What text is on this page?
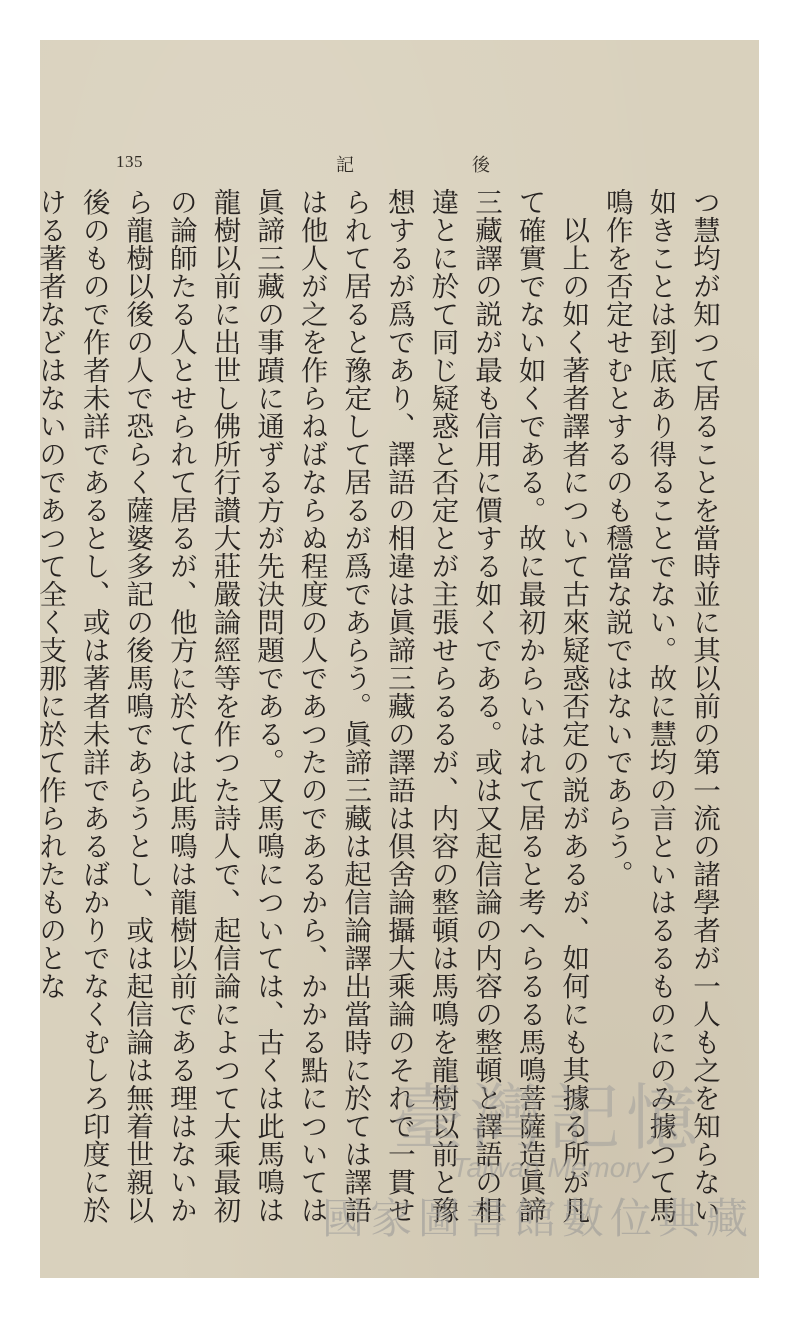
135	後
記

つ慧均が知つて居ることを當時並に其以前の第一流の諸學者が一人も之を知らない如きことは到底あり得ることでない。故に慧均の言といはるるものにのみ據つて馬鳴作を否定せむとするのも穩當な説ではないであらう。

以上の如く著者譯者について古來疑惑否定の説があるが、如何にも其據る所が凡て確實でない如くである。故に最初からいはれて居ると考へらるる馬鳴菩薩造眞諦三藏譯の説が最も信用に價する如くである。或は又起信論の内容の整頓と譯語の相違とに於て同じ疑惑と否定とが主張せらるるが、内容の整頓は馬鳴を龍樹以前と豫想するが爲であり、譯語の相違は眞諦三藏の譯語は倶舍論攝大乘論のそれで一貫せられて居ると豫定して居るが爲であらう。眞諦三藏は起信論譯出當時に於ては譯語は他人が之を作らねばならぬ程度の人であつたのであるから、かかる點については眞諦三藏の事蹟に通ずる方が先決問題である。又馬鳴については、古くは此馬鳴は龍樹以前に出世し佛所行讃大莊嚴論經等を作つた詩人で、起信論によつて大乘最初の論師たる人とせられて居るが、他方に於ては此馬鳴は龍樹以前である理はないから龍樹以後の人で恐らく薩婆多記の後馬鳴であらうとし、或は起信論は無着世親以後のもので作者未詳であるとし、或は著者未詳であるばかりでなくむしろ印度に於ける著者などはないのであつて全く支那に於て作られたものとな

臺灣記憶
Taiwan Memory
國家圖書館數位典藏
